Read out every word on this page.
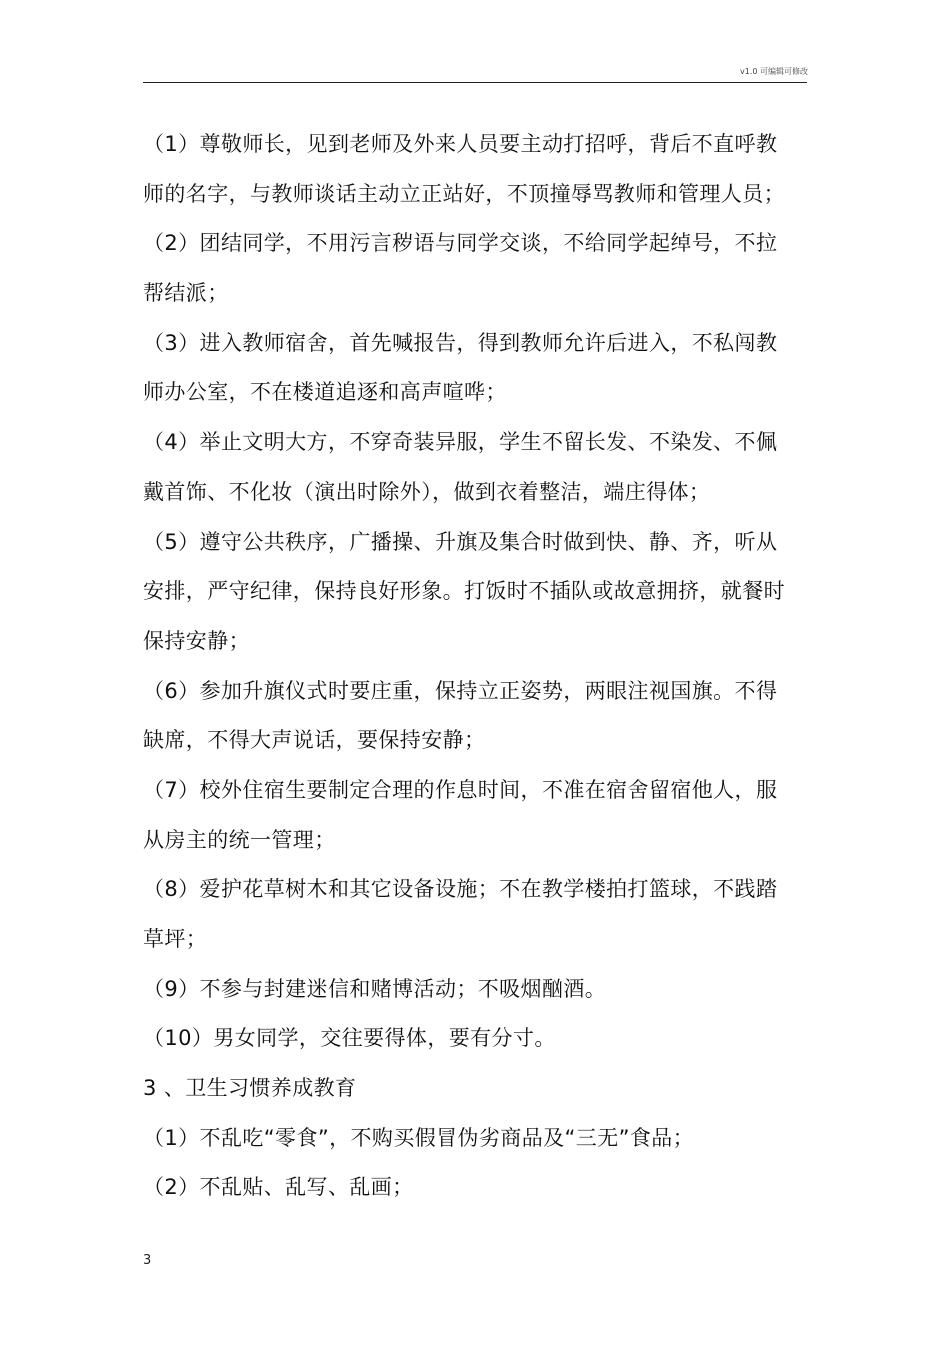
v1.0 可编辑可修改
（1）尊敬师长，见到老师及外来人员要主动打招呼，背后不直呼教
师的名字，与教师谈话主动立正站好，不顶撞辱骂教师和管理人员；
（2）团结同学，不用污言秽语与同学交谈，不给同学起绰号，不拉
帮结派；
（3）进入教师宿舍，首先喊报告，得到教师允许后进入，不私闯教
师办公室，不在楼道追逐和高声喧哗；
（4）举止文明大方，不穿奇装异服，学生不留长发、不染发、不佩
戴首饰、不化妆（演出时除外），做到衣着整洁，端庄得体；
（5）遵守公共秩序，广播操、升旗及集合时做到快、静、齐，听从
安排，严守纪律，保持良好形象。打饭时不插队或故意拥挤，就餐时
保持安静；
（6）参加升旗仪式时要庄重，保持立正姿势，两眼注视国旗。不得
缺席，不得大声说话，要保持安静；
（7）校外住宿生要制定合理的作息时间，不准在宿舍留宿他人，服
从房主的统一管理；
（8）爱护花草树木和其它设备设施；不在教学楼拍打篮球，不践踏
草坪；
（9）不参与封建迷信和赌博活动；不吸烟酗酒。
（10）男女同学，交往要得体，要有分寸。
3 、卫生习惯养成教育
（1）不乱吃“零食”，不购买假冒伪劣商品及“三无”食品；
（2）不乱贴、乱写、乱画；
3
